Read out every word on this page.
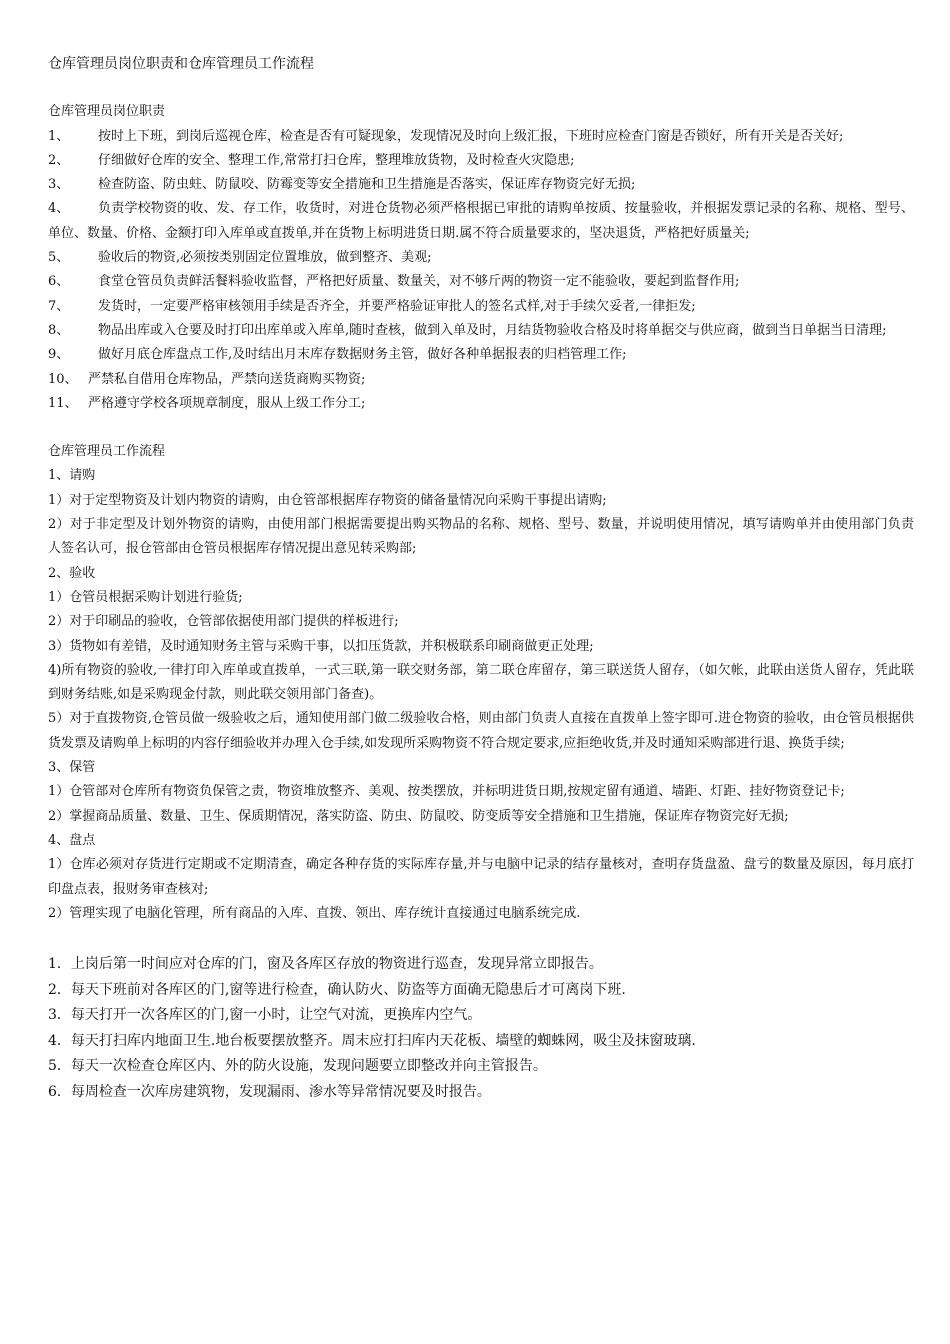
仓库管理员岗位职责和仓库管理员工作流程

仓库管理员岗位职责

1、 按时上下班，到岗后巡视仓库，检查是否有可疑现象，发现情况及时向上级汇报，下班时应检查门窗是否锁好，所有开关是否关好;

2、 仔细做好仓库的安全、整理工作,常常打扫仓库，整理堆放货物，及时检查火灾隐患;

3、 检查防盗、防虫蛀、防鼠咬、防霉变等安全措施和卫生措施是否落实，保证库存物资完好无损;

4、 负责学校物资的收、发、存工作，收货时，对进仓货物必须严格根据已审批的请购单按质、按量验收，并根据发票记录的名称、规格、型号、单位、数量、价格、金额打印入库单或直拨单,并在货物上标明进货日期.属不符合质量要求的，坚决退货，严格把好质量关;

5、 验收后的物资,必须按类别固定位置堆放，做到整齐、美观;

6、 食堂仓管员负责鲜活餐料验收监督，严格把好质量、数量关，对不够斤两的物资一定不能验收，要起到监督作用;

7、 发货时，一定要严格审核领用手续是否齐全，并要严格验证审批人的签名式样,对于手续欠妥者,一律拒发;

8、 物品出库或入仓要及时打印出库单或入库单,随时查核，做到入单及时，月结货物验收合格及时将单据交与供应商，做到当日单据当日清理;

9、 做好月底仓库盘点工作,及时结出月末库存数据财务主管，做好各种单据报表的归档管理工作;

10、 严禁私自借用仓库物品，严禁向送货商购买物资;

11、 严格遵守学校各项规章制度，服从上级工作分工;

仓库管理员工作流程

1、请购

1）对于定型物资及计划内物资的请购，由仓管部根据库存物资的储备量情况向采购干事提出请购;

2）对于非定型及计划外物资的请购，由使用部门根据需要提出购买物品的名称、规格、型号、数量，并说明使用情况，填写请购单并由使用部门负责人签名认可，报仓管部由仓管员根据库存情况提出意见转采购部;

2、验收

1）仓管员根据采购计划进行验货;

2）对于印刷品的验收，仓管部依据使用部门提供的样板进行;

3）货物如有差错，及时通知财务主管与采购干事，以扣压货款，并积极联系印刷商做更正处理;

4)所有物资的验收,一律打印入库单或直拨单，一式三联,第一联交财务部，第二联仓库留存，第三联送货人留存，（如欠帐，此联由送货人留存，凭此联到财务结账,如是采购现金付款，则此联交领用部门备查)。

5）对于直拨物资,仓管员做一级验收之后，通知使用部门做二级验收合格，则由部门负责人直接在直拨单上签字即可.进仓物资的验收，由仓管员根据供货发票及请购单上标明的内容仔细验收并办理入仓手续,如发现所采购物资不符合规定要求,应拒绝收货,并及时通知采购部进行退、换货手续;

3、保管

1）仓管部对仓库所有物资负保管之责，物资堆放整齐、美观、按类摆放，并标明进货日期,按规定留有通道、墙距、灯距、挂好物资登记卡;

2）掌握商品质量、数量、卫生、保质期情况，落实防盗、防虫、防鼠咬、防变质等安全措施和卫生措施，保证库存物资完好无损;

4、盘点

1）仓库必须对存货进行定期或不定期清查，确定各种存货的实际库存量,并与电脑中记录的结存量核对，查明存货盘盈、盘亏的数量及原因，每月底打印盘点表，报财务审查核对;

2）管理实现了电脑化管理，所有商品的入库、直拨、领出、库存统计直接通过电脑系统完成.

1．上岗后第一时间应对仓库的门，窗及各库区存放的物资进行巡查，发现异常立即报告。

2．每天下班前对各库区的门,窗等进行检查，确认防火、防盗等方面确无隐患后才可离岗下班.

3．每天打开一次各库区的门,窗一小时，让空气对流，更换库内空气。

4．每天打扫库内地面卫生.地台板要摆放整齐。周末应打扫库内天花板、墙壁的蜘蛛网，吸尘及抹窗玻璃.

5．每天一次检查仓库区内、外的防火设施，发现问题要立即整改并向主管报告。

6．每周检查一次库房建筑物，发现漏雨、渗水等异常情况要及时报告。
